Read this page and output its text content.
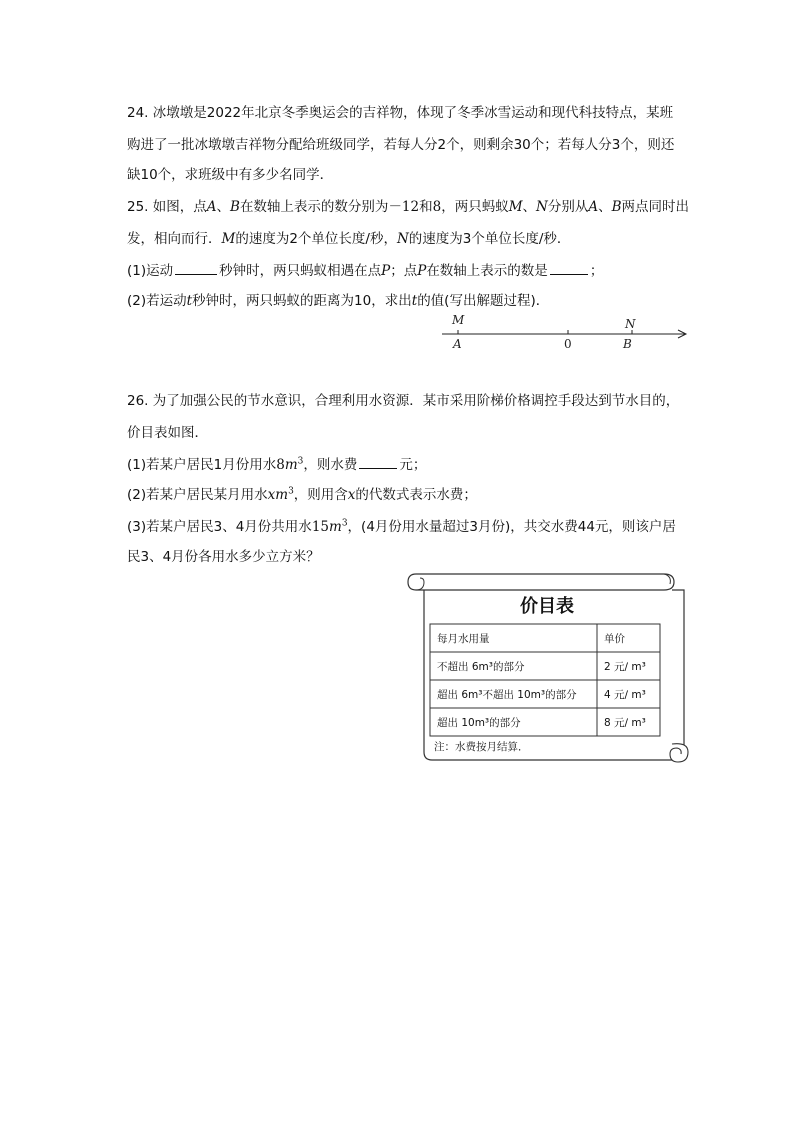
24. 冰墩墩是2022年北京冬季奥运会的吉祥物，体现了冬季冰雪运动和现代科技特点，某班
购进了一批冰墩墩吉祥物分配给班级同学，若每人分2个，则剩余30个；若每人分3个，则还
缺10个，求班级中有多少名同学．
25. 如图，点A、B在数轴上表示的数分别为－12和8，两只蚂蚁M、N分别从A、B两点同时出
发，相向而行．M的速度为2个单位长度/秒，N的速度为3个单位长度/秒．
(1)运动	秒钟时，两只蚂蚁相遇在点P；点P在数轴上表示的数是	；
(2)若运动t秒钟时，两只蚂蚁的距离为10，求出t的值(写出解题过程)．
M
A	0
N
B
26. 为了加强公民的节水意识，合理利用水资源．某市采用阶梯价格调控手段达到节水目的，
价目表如图．
(1)若某户居民1月份用水$8m^3$，则水费	元；
(2)若某户居民某月用水$xm^3$，则用含x的代数式表示水费；
(3)若某户居民3、4月份共用水$15m^3$，(4月份用水量超过3月份)，共交水费44元，则该户居
民3、4月份各用水多少立方米？
价目表
每月水用量	单价
不超出 6m³的部分	2 元∕ m³
超出 6m³不超出 10m³的部分	4 元∕ m³
超出 10m³的部分	8 元∕ m³
注：水费按月结算．
